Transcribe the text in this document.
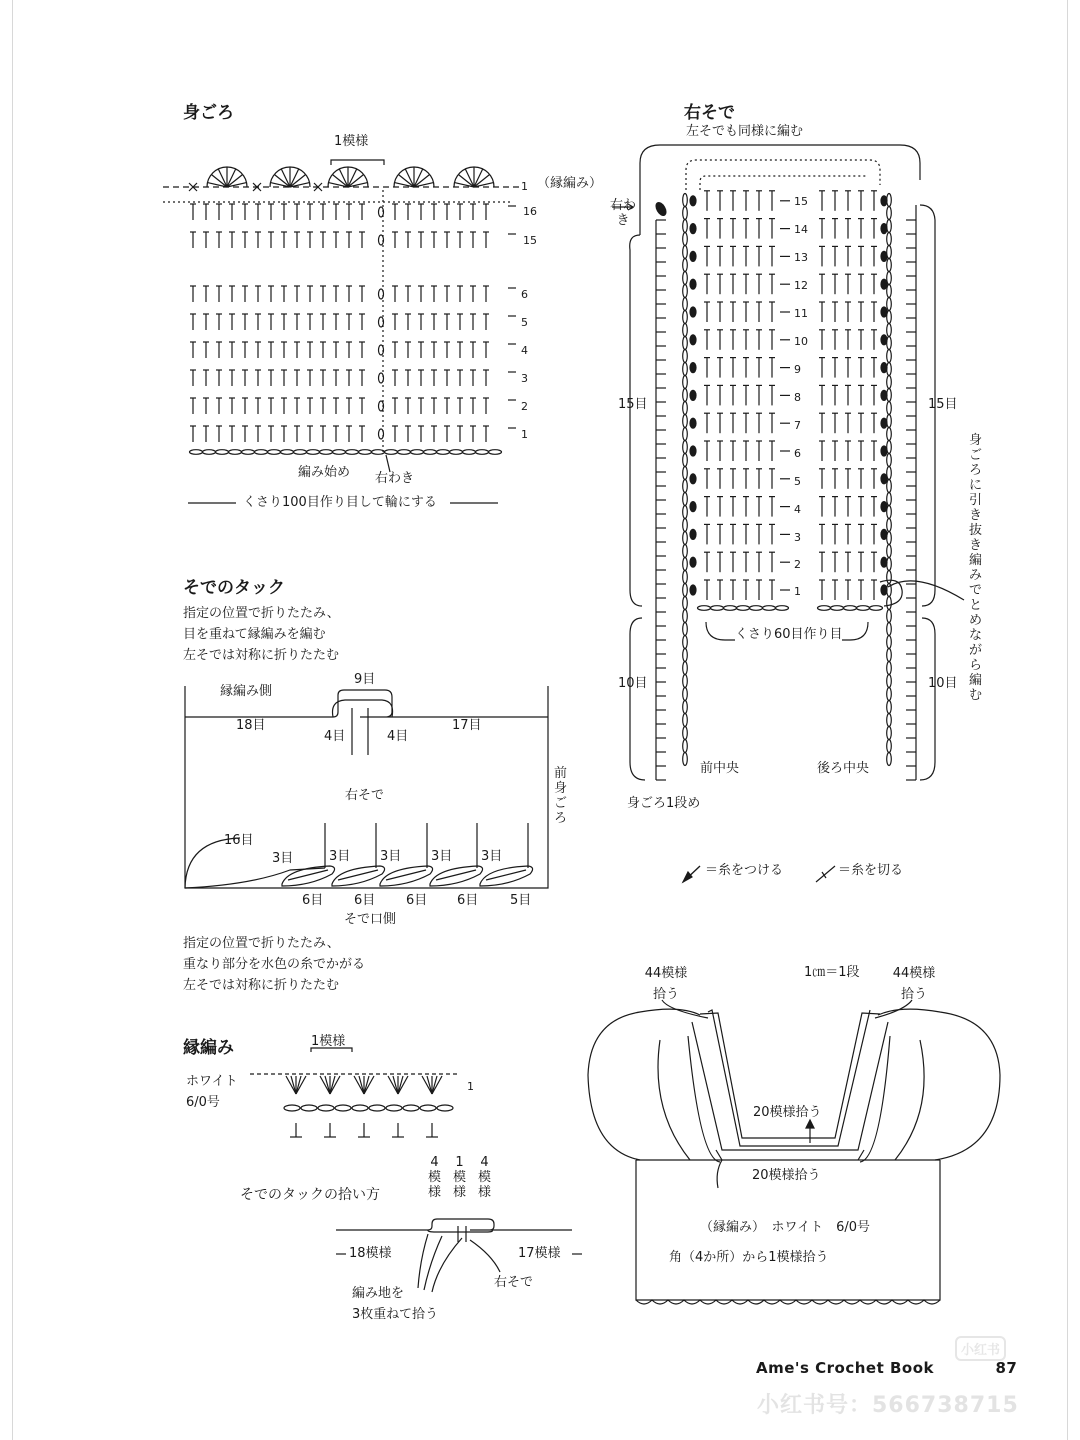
身ごろ
1模様
1 （縁編み）
16
15
6
5
4
3
2
1
編み始め 右わき
くさり100目作り目して輪にする
そでのタック
指定の位置で折りたたみ、
目を重ねて縁編みを編む
左そでは対称に折りたたむ
縁編み側
9目
18目	17目
4目	4目
右そで
前身ごろ
16目
3目	3目 3目 3目 3目
6目 6目 6目 6目 5目
そで口側
指定の位置で折りたたみ、
重なり部分を水色の糸でかがる
左そでは対称に折りたたむ
縁編み
ホワイト
6/0号
1模様
1
そでのタックの拾い方
4模様
1模様
4模様
18模様	17模様
編み地を
3枚重ねて拾う
右そで
右そで
左そでも同様に編む
右わき
15
14
13
12
11
10
9
8
7
6
5
4
3
2
1
15目	15目
10目	10目
くさり60目作り目
前中央	後ろ中央
身ごろ1段め
身ごろに引き抜き編みでとめながら編む
＝糸をつける	＝糸を切る
44模様
拾う
1㎝＝1段	44模様
拾う
20模様拾う
20模様拾う
（縁編み）　ホワイト　6/0号
角（4か所）から1模様拾う
Ame's Crochet Book	87
小红书
小红书号：566738715
